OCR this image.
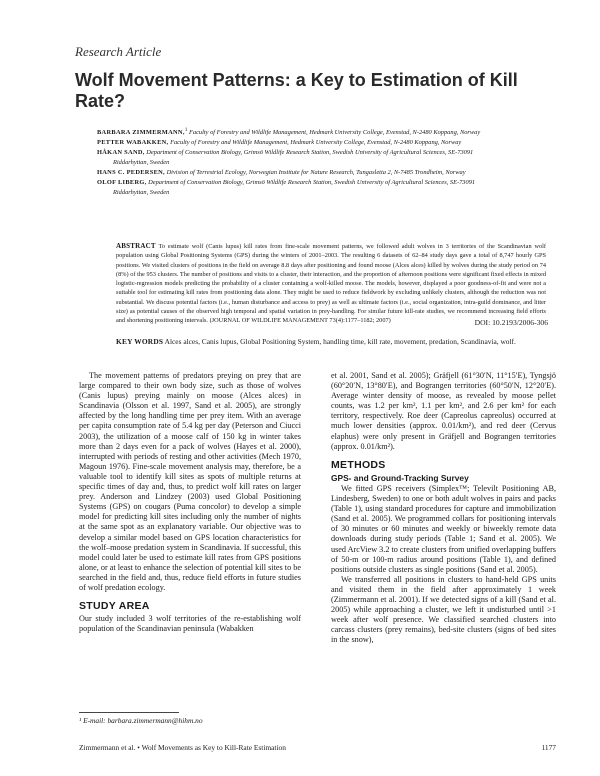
Research Article
Wolf Movement Patterns: a Key to Estimation of Kill Rate?
BARBARA ZIMMERMANN,$^1$ Faculty of Forestry and Wildlife Management, Hedmark University College, Evenstad, N-2480 Koppang, Norway
PETTER WABAKKEN, Faculty of Forestry and Wildlife Management, Hedmark University College, Evenstad, N-2480 Koppang, Norway
HÅKAN SAND, Department of Conservation Biology, Grimsö Wildlife Research Station, Swedish University of Agricultural Sciences, SE-73091
Riddarhyttan, Sweden
HANS C. PEDERSEN, Division of Terrestrial Ecology, Norwegian Institute for Nature Research, Tungasletta 2, N-7485 Trondheim, Norway
OLOF LIBERG, Department of Conservation Biology, Grimsö Wildlife Research Station, Swedish University of Agricultural Sciences, SE-73091
Riddarhyttan, Sweden
ABSTRACT To estimate wolf (Canis lupus) kill rates from fine-scale movement patterns, we followed adult wolves in 3 territories of the Scandinavian wolf population using Global Positioning Systems (GPS) during the winters of 2001–2003. The resulting 6 datasets of 62–84 study days gave a total of 8,747 hourly GPS positions. We visited clusters of positions in the field on average 8.8 days after positioning and found moose (Alces alces) killed by wolves during the study period on 74 (8%) of the 953 clusters. The number of positions and visits to a cluster, their interaction, and the proportion of afternoon positions were significant fixed effects in mixed logistic-regression models predicting the probability of a cluster containing a wolf-killed moose. The models, however, displayed a poor goodness-of-fit and were not a suitable tool for estimating kill rates from positioning data alone. They might be used to reduce fieldwork by excluding unlikely clusters, although the reduction was not substantial. We discuss potential factors (i.e., human disturbance and access to prey) as well as ultimate factors (i.e., social organization, intra-guild dominance, and litter size) as potential causes of the observed high temporal and spatial variation in prey-handling. For similar future kill-rate studies, we recommend increasing field efforts and shortening positioning intervals. (JOURNAL OF WILDLIFE MANAGEMENT 73(4):1177–1182; 2007)	DOI: 10.2193/2006-306
KEY WORDS Alces alces, Canis lupus, Global Positioning System, handling time, kill rate, movement, predation, Scandinavia, wolf.

The movement patterns of predators preying on prey that are large compared to their own body size, such as those of wolves (Canis lupus) preying mainly on moose (Alces alces) in Scandinavia (Olsson et al. 1997, Sand et al. 2005), are strongly affected by the long handling time per prey item. With an average per capita consumption rate of 5.4 kg per day (Peterson and Ciucci 2003), the utilization of a moose calf of 150 kg in winter takes more than 2 days even for a pack of wolves (Hayes et al. 2000), interrupted with periods of resting and other activities (Mech 1970, Magoun 1976). Fine-scale movement analysis may, therefore, be a valuable tool to identify kill sites as spots of multiple returns at specific times of day and, thus, to predict wolf kill rates on larger prey. Anderson and Lindzey (2003) used Global Positioning Systems (GPS) on cougars (Puma concolor) to develop a simple model for predicting kill sites including only the number of nights at the same spot as an explanatory variable. Our objective was to develop a similar model based on GPS location characteristics for the wolf–moose predation system in Scandinavia. If successful, this model could later be used to estimate kill rates from GPS positions alone, or at least to enhance the selection of potential kill sites to be searched in the field and, thus, reduce field efforts in future studies of wolf predation ecology.

STUDY AREA

Our study included 3 wolf territories of the re-establishing wolf population of the Scandinavian peninsula (Wabakken

et al. 2001, Sand et al. 2005); Gräfjell (61°30′N, 11°15′E), Tyngsjö (60°20′N, 13°80′E), and Bograngen territories (60°50′N, 12°20′E). Average winter density of moose, as revealed by moose pellet counts, was 1.2 per km², 1.1 per km², and 2.6 per km² for each territory, respectively. Roe deer (Capreolus capreolus) occurred at much lower densities (approx. 0.01/km²), and red deer (Cervus elaphus) were only present in Gräfjell and Bograngen territories (approx. 0.01/km²).

METHODS
GPS- and Ground-Tracking Survey

We fitted GPS receivers (Simplex™; Televilt Positioning AB, Lindesberg, Sweden) to one or both adult wolves in pairs and packs (Table 1), using standard procedures for capture and immobilization (Sand et al. 2005). We programmed collars for positioning intervals of 30 minutes or 60 minutes and weekly or biweekly remote data downloads during study periods (Table 1; Sand et al. 2005). We used ArcView 3.2 to create clusters from unified overlapping buffers of 50-m or 100-m radius around positions (Table 1), and defined positions outside clusters as single positions (Sand et al. 2005).

We transferred all positions in clusters to hand-held GPS units and visited them in the field after approximately 1 week (Zimmermann et al. 2001). If we detected signs of a kill (Sand et al. 2005) while approaching a cluster, we left it undisturbed until >1 week after wolf presence. We classified searched clusters into carcass clusters (prey remains), bed-site clusters (signs of bed sites in the snow),

¹ E-mail: barbara.zimmermann@hihm.no
Zimmermann et al. • Wolf Movements as Key to Kill-Rate Estimation	1177
